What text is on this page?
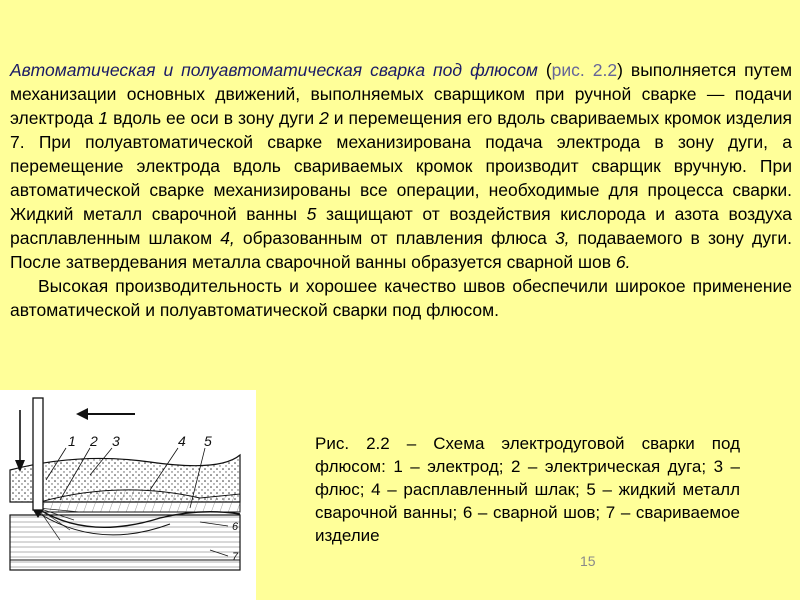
Автоматическая и полуавтоматическая сварка под флюсом (рис. 2.2) выполняется путем механизации основных движений, выполняемых сварщиком при ручной сварке — подачи электрода 1 вдоль ее оси в зону дуги 2 и перемещения его вдоль свариваемых кромок изделия 7. При полуавтоматической сварке механизирована подача электрода в зону дуги, а перемещение электрода вдоль свариваемых кромок производит сварщик вручную. При автоматической сварке механизированы все операции, необходимые для процесса сварки. Жидкий металл сварочной ванны 5 защищают от воздействия кислорода и азота воздуха расплавленным шлаком 4, образованным от плавления флюса 3, подаваемого в зону дуги. После затвердевания металла сварочной ванны образуется сварной шов 6.

Высокая производительность и хорошее качество швов обеспечили широкое применение автоматической и полуавтоматической сварки под флюсом.

1 2 3	4 5
6
7
Рис. 2.2 – Схема электродуговой сварки под флюсом: 1 – электрод; 2 – электрическая дуга; 3 – флюс; 4 – расплавленный шлак; 5 – жидкий металл сварочной ванны; 6 – сварной шов; 7 – свариваемое изделие
15
